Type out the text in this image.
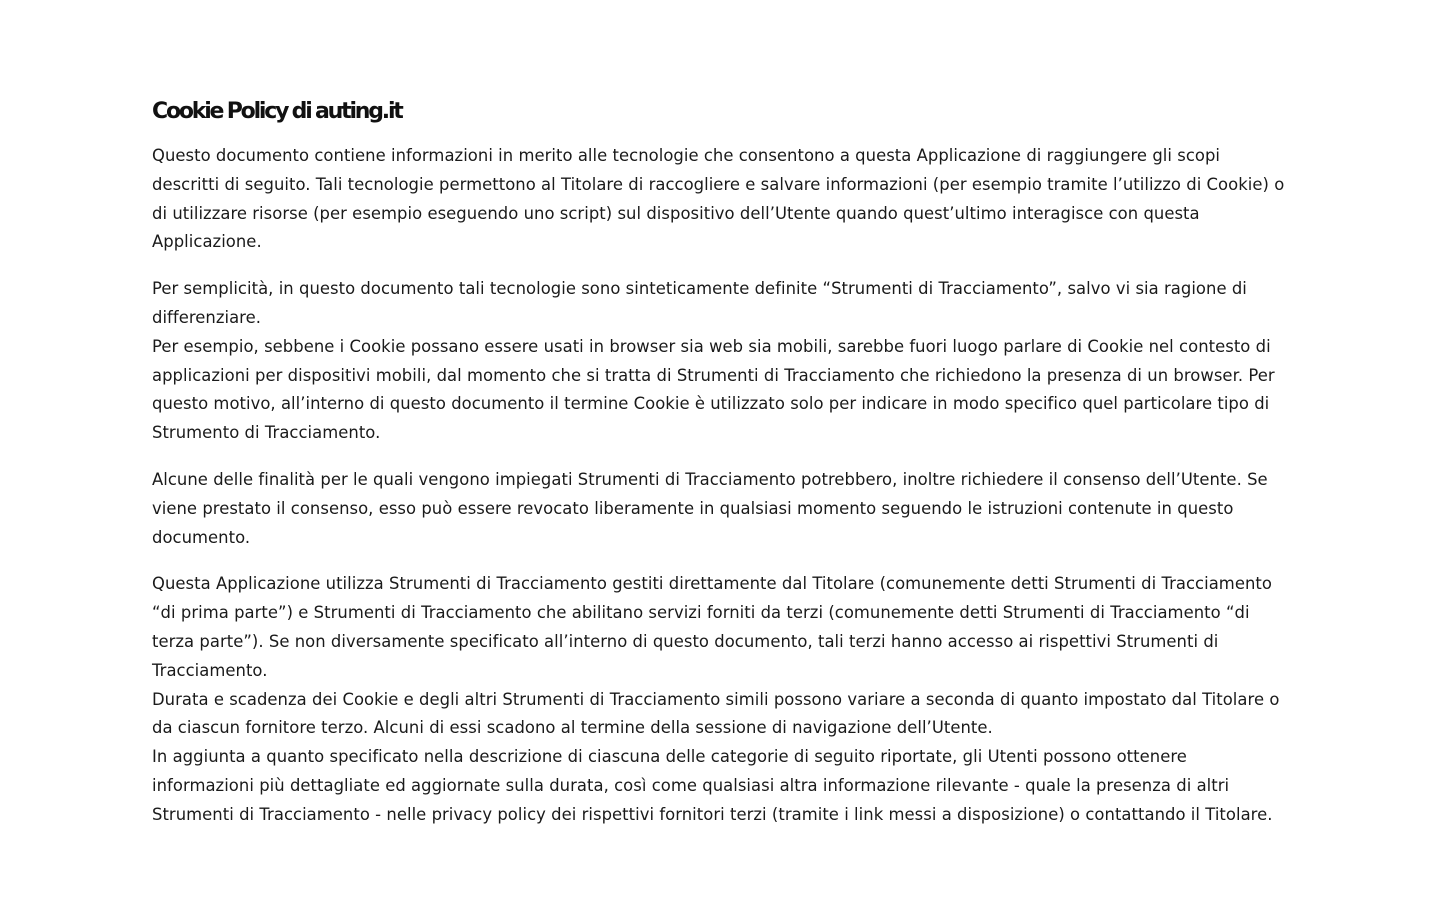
Cookie Policy di auting.it

Questo documento contiene informazioni in merito alle tecnologie che consentono a questa Applicazione di raggiungere gli scopi descritti di seguito. Tali tecnologie permettono al Titolare di raccogliere e salvare informazioni (per esempio tramite l’utilizzo di Cookie) o di utilizzare risorse (per esempio eseguendo uno script) sul dispositivo dell’Utente quando quest’ultimo interagisce con questa Applicazione.

Per semplicità, in questo documento tali tecnologie sono sinteticamente definite “Strumenti di Tracciamento”, salvo vi sia ragione di differenziare.

Per esempio, sebbene i Cookie possano essere usati in browser sia web sia mobili, sarebbe fuori luogo parlare di Cookie nel contesto di applicazioni per dispositivi mobili, dal momento che si tratta di Strumenti di Tracciamento che richiedono la presenza di un browser. Per questo motivo, all’interno di questo documento il termine Cookie è utilizzato solo per indicare in modo specifico quel particolare tipo di Strumento di Tracciamento.

Alcune delle finalità per le quali vengono impiegati Strumenti di Tracciamento potrebbero, inoltre richiedere il consenso dell’Utente. Se viene prestato il consenso, esso può essere revocato liberamente in qualsiasi momento seguendo le istruzioni contenute in questo documento.

Questa Applicazione utilizza Strumenti di Tracciamento gestiti direttamente dal Titolare (comunemente detti Strumenti di Tracciamento “di prima parte”) e Strumenti di Tracciamento che abilitano servizi forniti da terzi (comunemente detti Strumenti di Tracciamento “di terza parte”). Se non diversamente specificato all’interno di questo documento, tali terzi hanno accesso ai rispettivi Strumenti di Tracciamento.

Durata e scadenza dei Cookie e degli altri Strumenti di Tracciamento simili possono variare a seconda di quanto impostato dal Titolare o da ciascun fornitore terzo. Alcuni di essi scadono al termine della sessione di navigazione dell’Utente.

In aggiunta a quanto specificato nella descrizione di ciascuna delle categorie di seguito riportate, gli Utenti possono ottenere informazioni più dettagliate ed aggiornate sulla durata, così come qualsiasi altra informazione rilevante - quale la presenza di altri Strumenti di Tracciamento - nelle privacy policy dei rispettivi fornitori terzi (tramite i link messi a disposizione) o contattando il Titolare.
